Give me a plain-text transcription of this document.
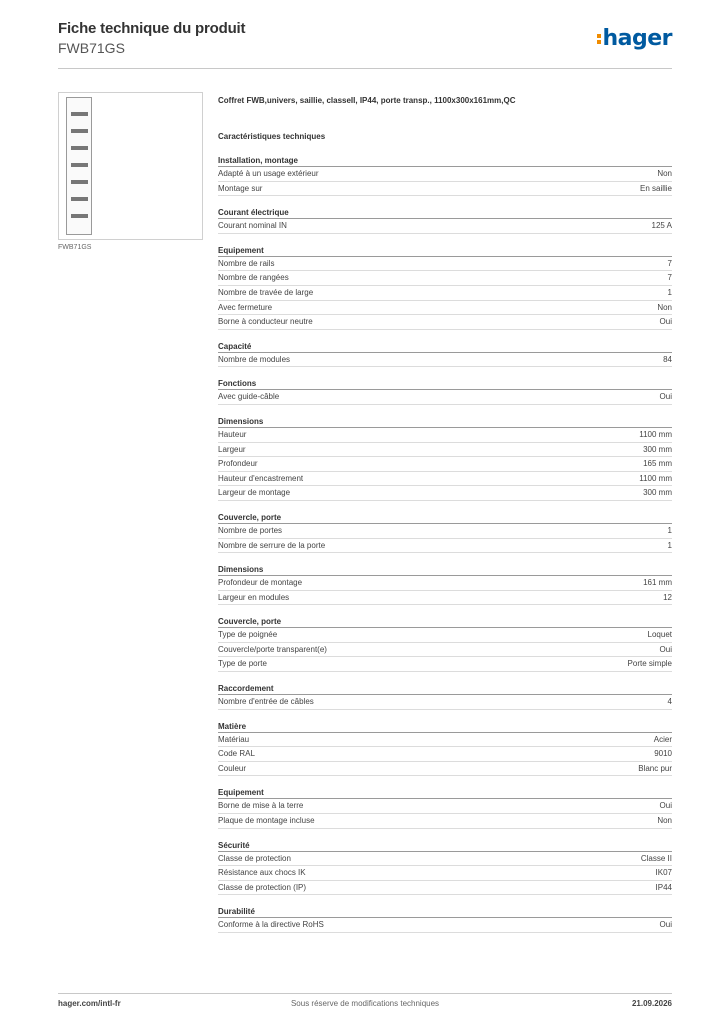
Fiche technique du produit
FWB71GS	hager
FWB71GS
Coffret FWB,univers, saillie, classeII, IP44, porte transp., 1100x300x161mm,QC
Caractéristiques techniques
Installation, montage
Adapté à un usage extérieur	Non
Montage sur	En saillie
Courant électrique
Courant nominal IN	125 A
Equipement
Nombre de rails	7
Nombre de rangées	7
Nombre de travée de large	1
Avec fermeture	Non
Borne à conducteur neutre	Oui
Capacité
Nombre de modules	84
Fonctions
Avec guide-câble	Oui
Dimensions
Hauteur	1100 mm
Largeur	300 mm
Profondeur	165 mm
Hauteur d'encastrement	1100 mm
Largeur de montage	300 mm
Couvercle, porte
Nombre de portes	1
Nombre de serrure de la porte	1
Dimensions
Profondeur de montage	161 mm
Largeur en modules	12
Couvercle, porte
Type de poignée	Loquet
Couvercle/porte transparent(e)	Oui
Type de porte	Porte simple
Raccordement
Nombre d'entrée de câbles	4
Matière
Matériau	Acier
Code RAL	9010
Couleur	Blanc pur
Equipement
Borne de mise à la terre	Oui
Plaque de montage incluse	Non
Sécurité
Classe de protection	Classe II
Résistance aux chocs IK	IK07
Classe de protection (IP)	IP44
Durabilité
Conforme à la directive RoHS	Oui
hager.com/intl-fr	Sous réserve de modifications techniques	21.09.2026
